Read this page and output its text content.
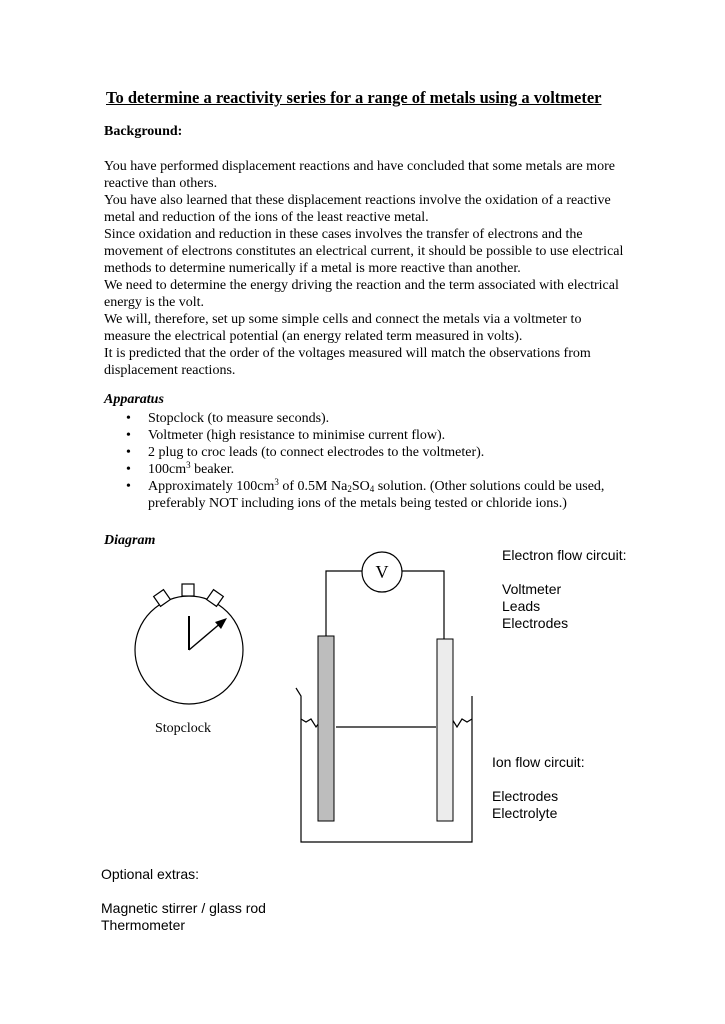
To determine a reactivity series for a range of metals using a voltmeter
Background:

You have performed displacement reactions and have concluded that some metals are more reactive than others.

You have also learned that these displacement reactions involve the oxidation of a reactive metal and reduction of the ions of the least reactive metal.

Since oxidation and reduction in these cases involves the transfer of electrons and the movement of electrons constitutes an electrical current, it should be possible to use electrical methods to determine numerically if a metal is more reactive than another.

We need to determine the energy driving the reaction and the term associated with electrical energy is the volt.

We will, therefore, set up some simple cells and connect the metals via a voltmeter to measure the electrical potential (an energy related term measured in volts).

It is predicted that the order of the voltages measured will match the observations from displacement reactions.

Apparatus
• Stopclock (to measure seconds).
• Voltmeter (high resistance to minimise current flow).
• 2 plug to croc leads (to connect electrodes to the voltmeter).
• $100cm^3$ beaker.
• Approximately $100cm^3$ of 0.5M $Na_2SO_4$ solution. (Other solutions could be used, preferably NOT including ions of the metals being tested or chloride ions.)
Diagram
V
Stopclock
Electron flow circuit:
Voltmeter
Leads
Electrodes
Ion flow circuit:
Electrodes
Electrolyte
Optional extras:
Magnetic stirrer / glass rod
Thermometer
